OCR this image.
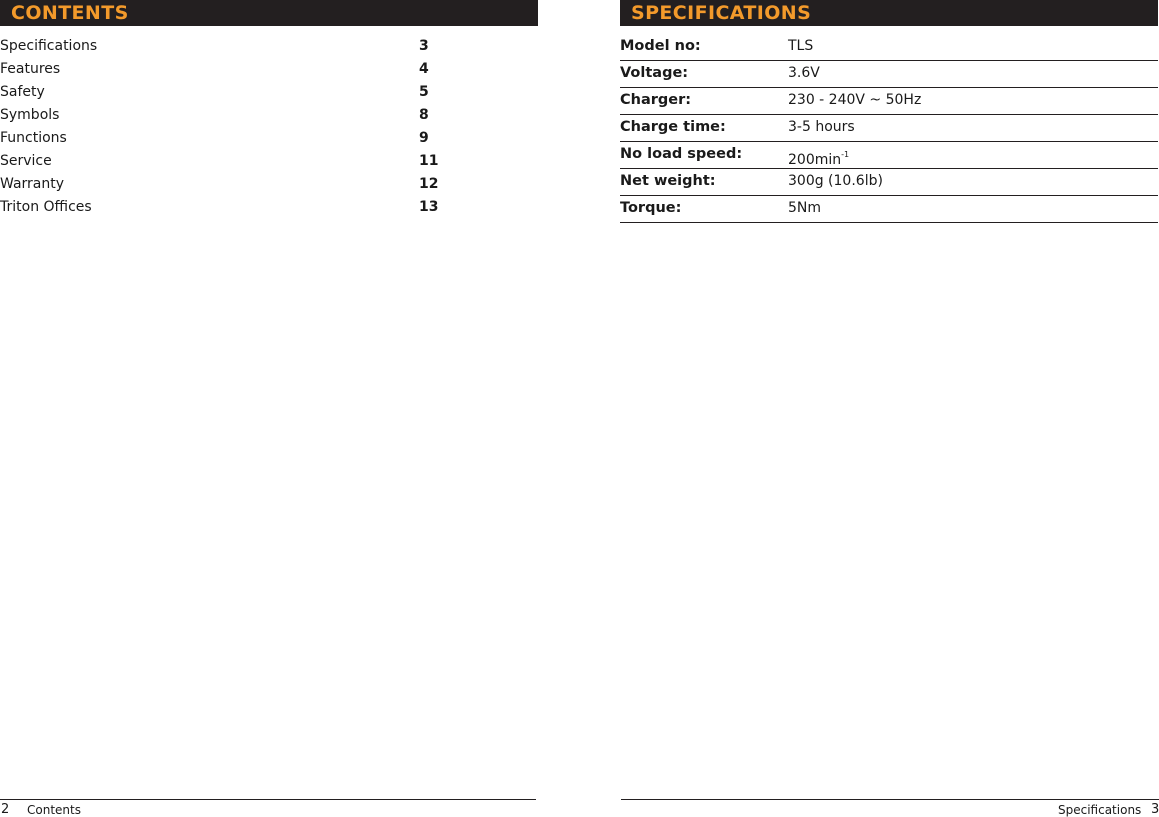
CONTENTS
Specifications	3
Features	4
Safety	5
Symbols	8
Functions	9
Service	11
Warranty	12
Triton Offices	13
2 Contents
SPECIFICATIONS
Model no:	TLS
Voltage:	3.6V
Charger:	230 - 240V ~ 50Hz
Charge time:	3-5 hours
No load speed:	$200\min^{-1}$
Net weight:	300g (10.6lb)
Torque:	5Nm
Specifications 3
